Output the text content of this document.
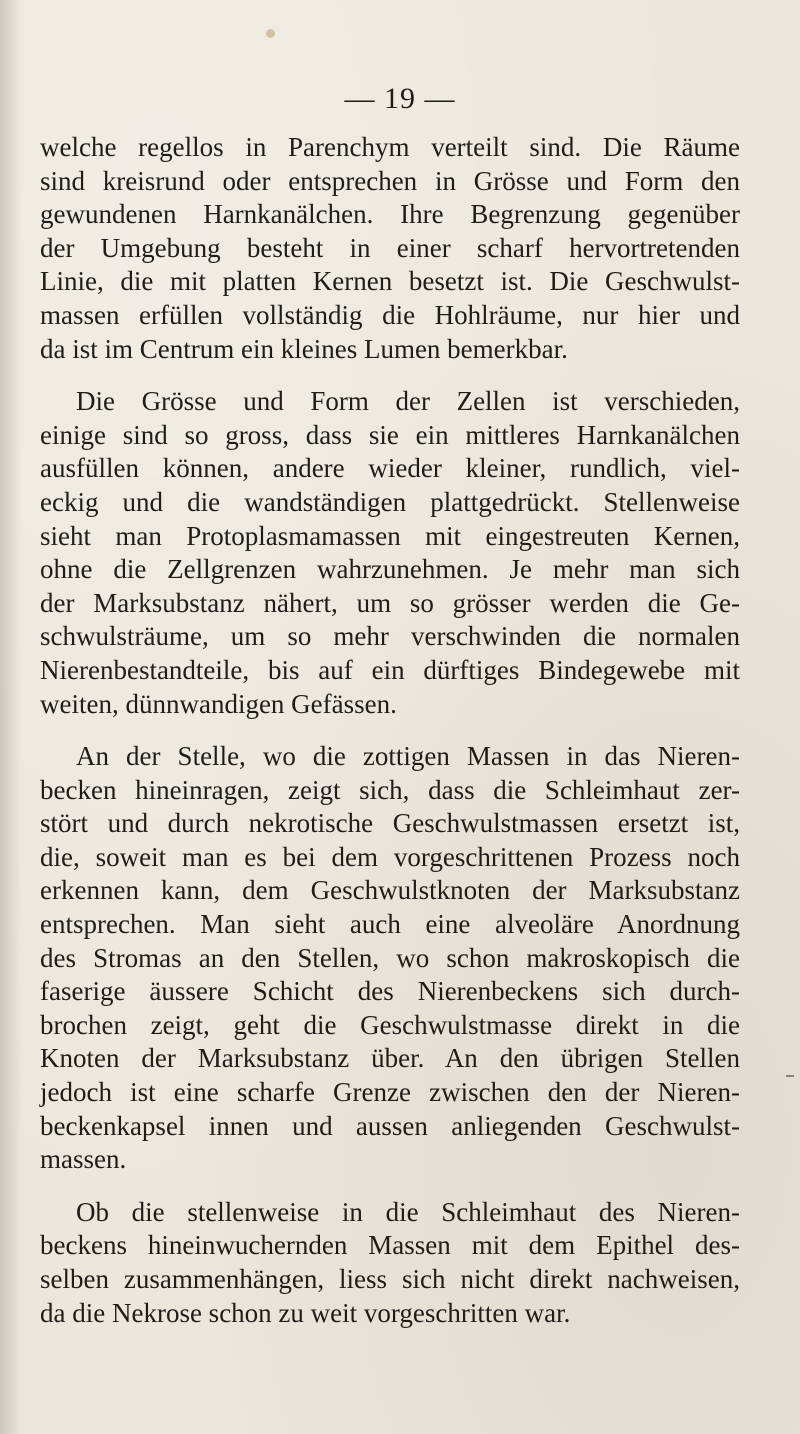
— 19 —
welche regellos in Parenchym verteilt sind. Die Räume
sind kreisrund oder entsprechen in Grösse und Form den
gewundenen Harnkanälchen. Ihre Begrenzung gegenüber
der Umgebung besteht in einer scharf hervortretenden
Linie, die mit platten Kernen besetzt ist. Die Geschwulst-
massen erfüllen vollständig die Hohlräume, nur hier und
da ist im Centrum ein kleines Lumen bemerkbar.
Die Grösse und Form der Zellen ist verschieden,
einige sind so gross, dass sie ein mittleres Harnkanälchen
ausfüllen können, andere wieder kleiner, rundlich, viel-
eckig und die wandständigen plattgedrückt. Stellenweise
sieht man Protoplasmamassen mit eingestreuten Kernen,
ohne die Zellgrenzen wahrzunehmen. Je mehr man sich
der Marksubstanz nähert, um so grösser werden die Ge-
schwulsträume, um so mehr verschwinden die normalen
Nierenbestandteile, bis auf ein dürftiges Bindegewebe mit
weiten, dünnwandigen Gefässen.
An der Stelle, wo die zottigen Massen in das Nieren-
becken hineinragen, zeigt sich, dass die Schleimhaut zer-
stört und durch nekrotische Geschwulstmassen ersetzt ist,
die, soweit man es bei dem vorgeschrittenen Prozess noch
erkennen kann, dem Geschwulstknoten der Marksubstanz
entsprechen. Man sieht auch eine alveoläre Anordnung
des Stromas an den Stellen, wo schon makroskopisch die
faserige äussere Schicht des Nierenbeckens sich durch-
brochen zeigt, geht die Geschwulstmasse direkt in die
Knoten der Marksubstanz über. An den übrigen Stellen
jedoch ist eine scharfe Grenze zwischen den der Nieren-
beckenkapsel innen und aussen anliegenden Geschwulst-
massen.
Ob die stellenweise in die Schleimhaut des Nieren-
beckens hineinwuchernden Massen mit dem Epithel des-
selben zusammenhängen, liess sich nicht direkt nachweisen,
da die Nekrose schon zu weit vorgeschritten war.
